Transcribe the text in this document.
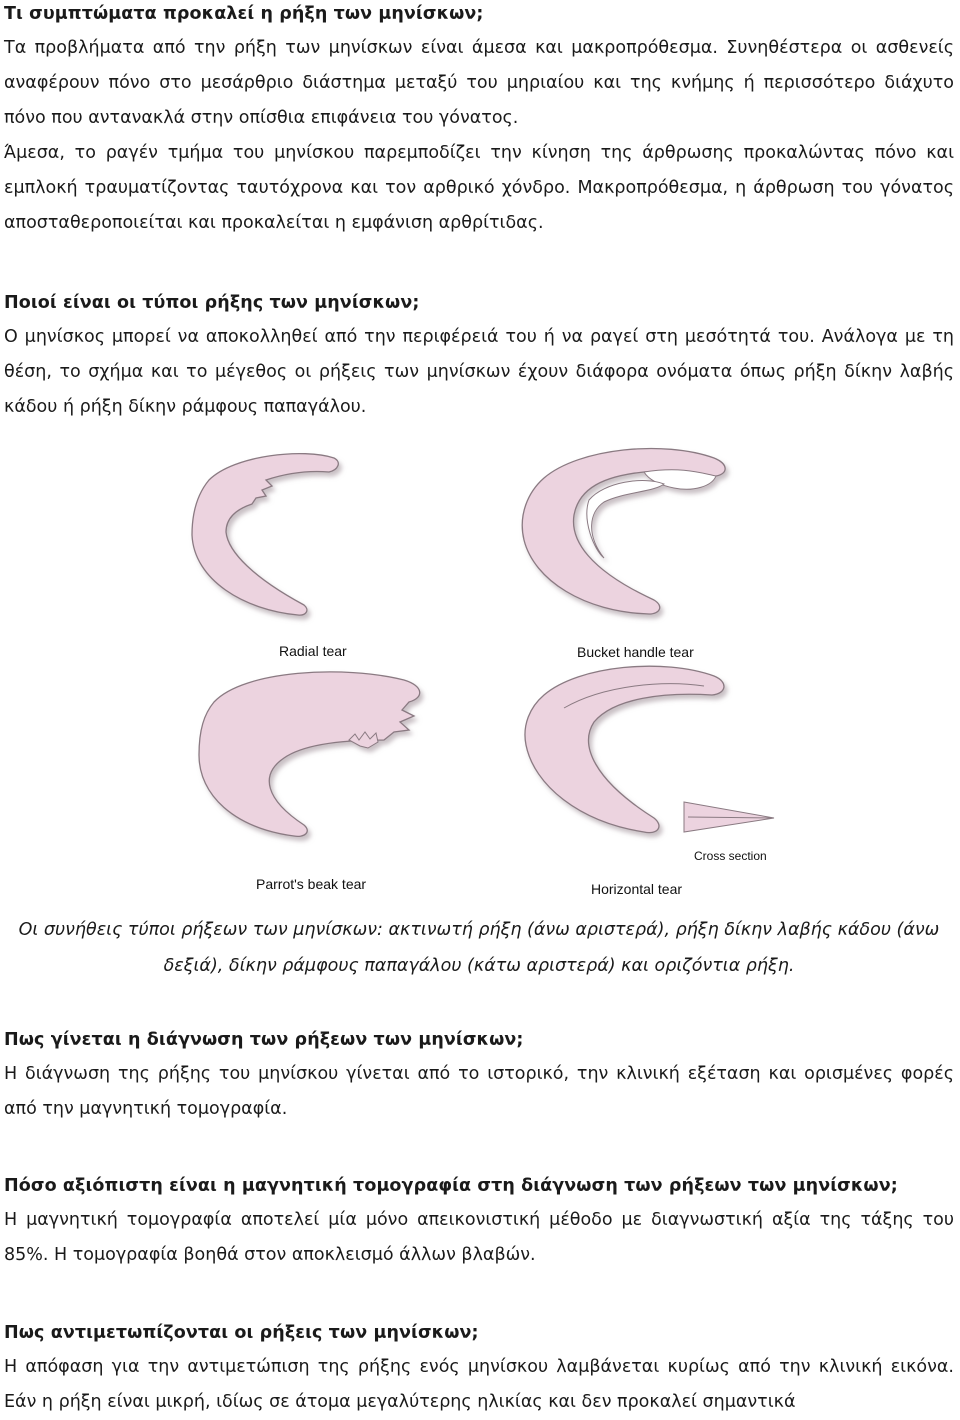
Τι συμπτώματα προκαλεί η ρήξη των μηνίσκων;

Τα προβλήματα από την ρήξη των μηνίσκων είναι άμεσα και μακροπρόθεσμα. Συνηθέστερα οι ασθενείς αναφέρουν πόνο στο μεσάρθριο διάστημα μεταξύ του μηριαίου και της κνήμης ή περισσότερο διάχυτο πόνο που αντανακλά στην οπίσθια επιφάνεια του γόνατος.

Άμεσα, το ραγέν τμήμα του μηνίσκου παρεμποδίζει την κίνηση της άρθρωσης προκαλώντας πόνο και εμπλοκή τραυματίζοντας ταυτόχρονα και τον αρθρικό χόνδρο. Μακροπρόθεσμα, η άρθρωση του γόνατος αποσταθεροποιείται και προκαλείται η εμφάνιση αρθρίτιδας.

Ποιοί είναι οι τύποι ρήξης των μηνίσκων;

Ο μηνίσκος μπορεί να αποκολληθεί από την περιφέρειά του ή να ραγεί στη μεσότητά του. Ανάλογα με τη θέση, το σχήμα και το μέγεθος οι ρήξεις των μηνίσκων έχουν διάφορα ονόματα όπως ρήξη δίκην λαβής κάδου ή ρήξη δίκην ράμφους παπαγάλου.

Radial tear	Bucket handle tear
Parrot's beak tear	Horizontal tear
Cross section

Οι συνήθεις τύποι ρήξεων των μηνίσκων: ακτινωτή ρήξη (άνω αριστερά), ρήξη δίκην λαβής κάδου (άνω δεξιά), δίκην ράμφους παπαγάλου (κάτω αριστερά) και οριζόντια ρήξη.

Πως γίνεται η διάγνωση των ρήξεων των μηνίσκων;

Η διάγνωση της ρήξης του μηνίσκου γίνεται από το ιστορικό, την κλινική εξέταση και ορισμένες φορές από την μαγνητική τομογραφία.

Πόσο αξιόπιστη είναι η μαγνητική τομογραφία στη διάγνωση των ρήξεων των μηνίσκων;

Η μαγνητική τομογραφία αποτελεί μία μόνο απεικονιστική μέθοδο με διαγνωστική αξία της τάξης του 85%. Η τομογραφία βοηθά στον αποκλεισμό άλλων βλαβών.

Πως αντιμετωπίζονται οι ρήξεις των μηνίσκων;

Η απόφαση για την αντιμετώπιση της ρήξης ενός μηνίσκου λαμβάνεται κυρίως από την κλινική εικόνα. Εάν η ρήξη είναι μικρή, ιδίως σε άτομα μεγαλύτερης ηλικίας και δεν προκαλεί σημαντικά
